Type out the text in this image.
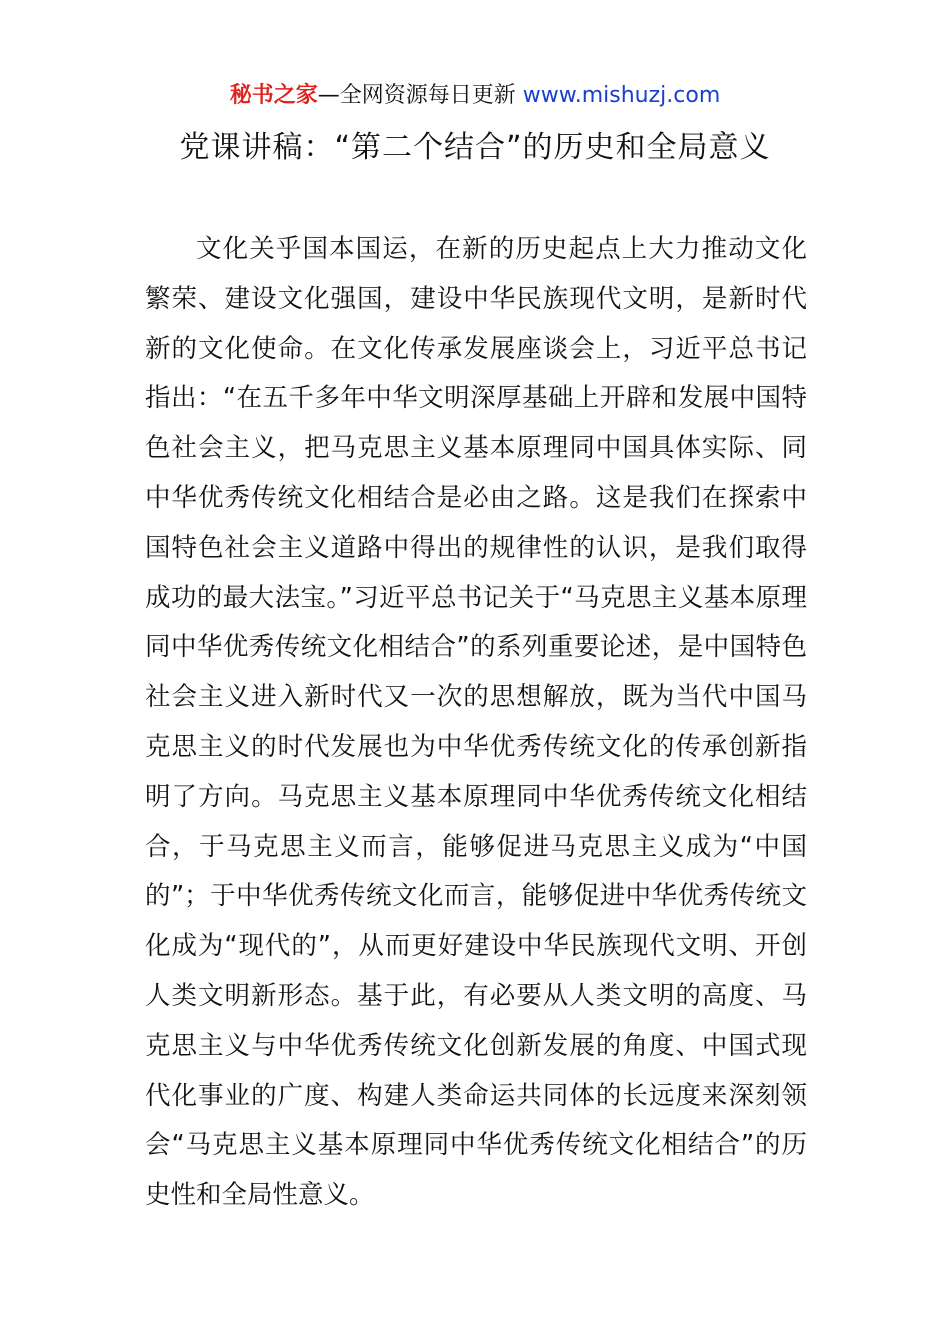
秘书之家—全网资源每日更新 www.mishuzj.com
党课讲稿：“第二个结合”的历史和全局意义

文化关乎国本国运，在新的历史起点上大力推动文化繁荣、建设文化强国，建设中华民族现代文明，是新时代新的文化使命。在文化传承发展座谈会上，习近平总书记指出：“在五千多年中华文明深厚基础上开辟和发展中国特色社会主义，把马克思主义基本原理同中国具体实际、同中华优秀传统文化相结合是必由之路。这是我们在探索中国特色社会主义道路中得出的规律性的认识，是我们取得成功的最大法宝。”习近平总书记关于“马克思主义基本原理同中华优秀传统文化相结合”的系列重要论述，是中国特色社会主义进入新时代又一次的思想解放，既为当代中国马克思主义的时代发展也为中华优秀传统文化的传承创新指明了方向。马克思主义基本原理同中华优秀传统文化相结合，于马克思主义而言，能够促进马克思主义成为“中国的”；于中华优秀传统文化而言，能够促进中华优秀传统文化成为“现代的”，从而更好建设中华民族现代文明、开创人类文明新形态。基于此，有必要从人类文明的高度、马克思主义与中华优秀传统文化创新发展的角度、中国式现代化事业的广度、构建人类命运共同体的长远度来深刻领会“马克思主义基本原理同中华优秀传统文化相结合”的历史性和全局性意义。
